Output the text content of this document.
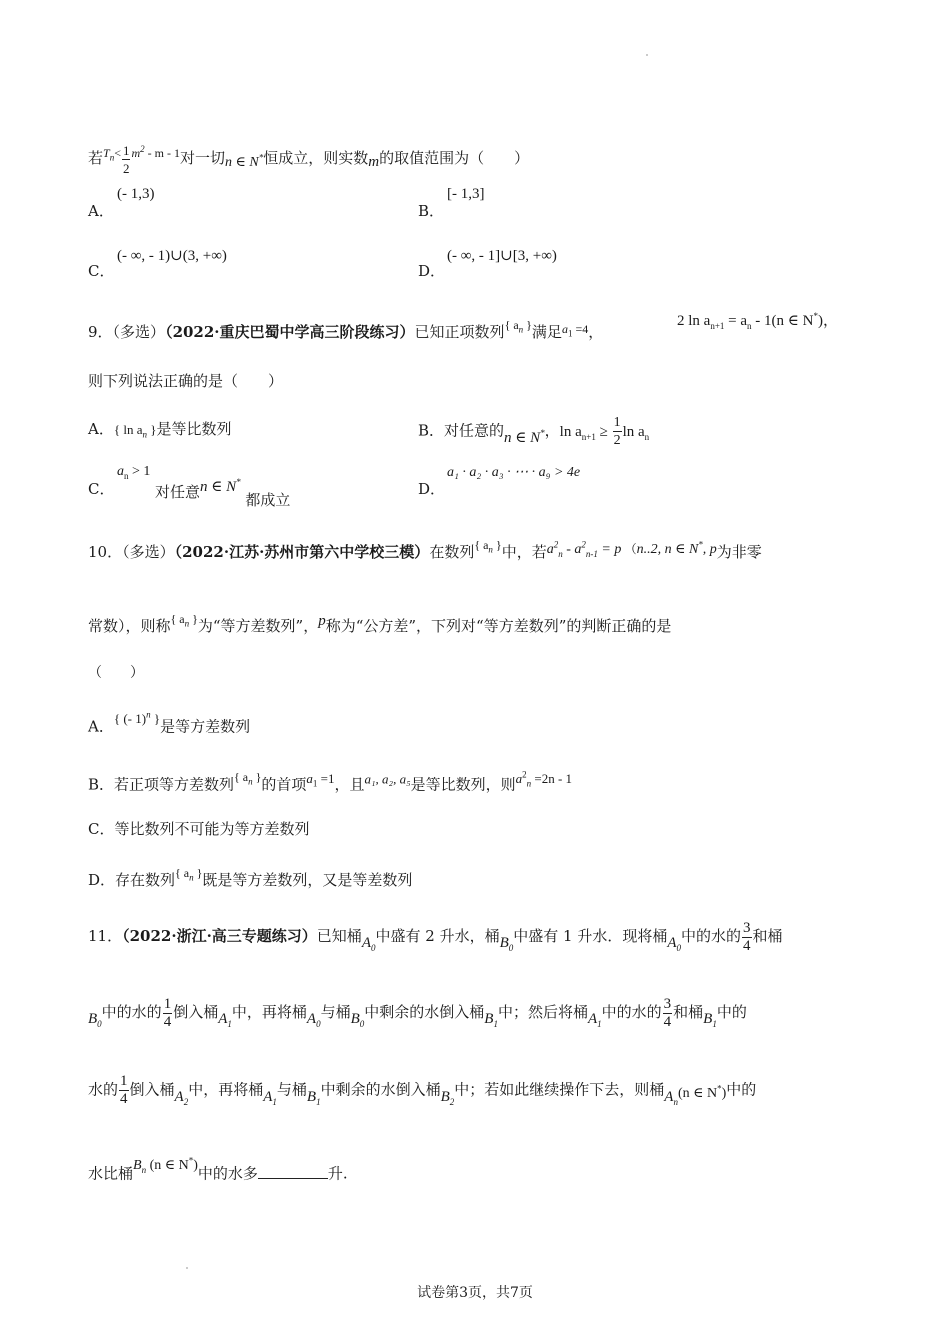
若$^{T_n<} \frac{1}{2} ^{m^2}$ $^{- m - 1}$对一切n ∈ N*恒成立，则实数m的取值范围为（　　）
A．
(- 1,3)
B．
[- 1,3]
C．
(- ∞, - 1)∪(3, +∞)
D．
(- ∞, - 1]∪[3, +∞)
9．（多选）（2022·重庆巴蜀中学高三阶段练习）已知正项数列$^{\{ a_n \}}$满足$^{a_1 =4}$，
2 $\ln a_{n+1} = a_n - 1(n$ ∈ N*)，
则下列说法正确的是（　　）
A．{ $\ln a_n$ }是等比数列	B．对任意的n ∈ N*，$\ln a_{n+1} \ge \frac{1}{2}$ $\ln a_n$
C．
$a_n > 1$
对任意n ∈ N* 都成立
D．
a₁ · a₂ · a₃ · ⋯ · a₉ > 4e
10．（多选）（2022·江苏·苏州市第六中学校三模）在数列$^{\{ a_n \}}$中，若$a^2_n - a^2_{n-1} = p$ （n..2, n ∈ N*, p为非零
常数），则称$^{\{ a_n \}}$为“等方差数列”，p称为“公方差”，下列对“等方差数列”的判断正确的是
（　　）
A．{ (- 1)$^n$ }是等方差数列
B．若正项等方差数列$^{\{ a_n \}}$的首项$a_1 =1$，且a₁, a₂, a₅是等比数列，则$a^2_n =2n - 1$
C．等比数列不可能为等方差数列
D．存在数列$^{\{ a_n \}}$既是等方差数列，又是等差数列
11．（2022·浙江·高三专题练习）已知桶$A_0$中盛有 2 升水，桶$B_0$中盛有 1 升水．现将桶$A_0$中的水的 $\frac{3}{4}$ 和桶
$B_0$中的水的 $\frac{1}{4}$ 倒入桶$A_1$中，再将桶$A_0$与桶$B_0$中剩余的水倒入桶$B_1$中；然后将桶$A_1$中的水的 $\frac{3}{4}$ 和桶$B_1$中的
水的 $\frac{1}{4}$ 倒入桶$A_2$中，再将桶$A_1$与桶$B_1$中剩余的水倒入桶$B_2$中；若如此继续操作下去，则桶$A_n(n$ ∈ N*)中的
水比桶$B_n$ (n ∈ N*)中的水多	升.
试卷第3页，共7页
